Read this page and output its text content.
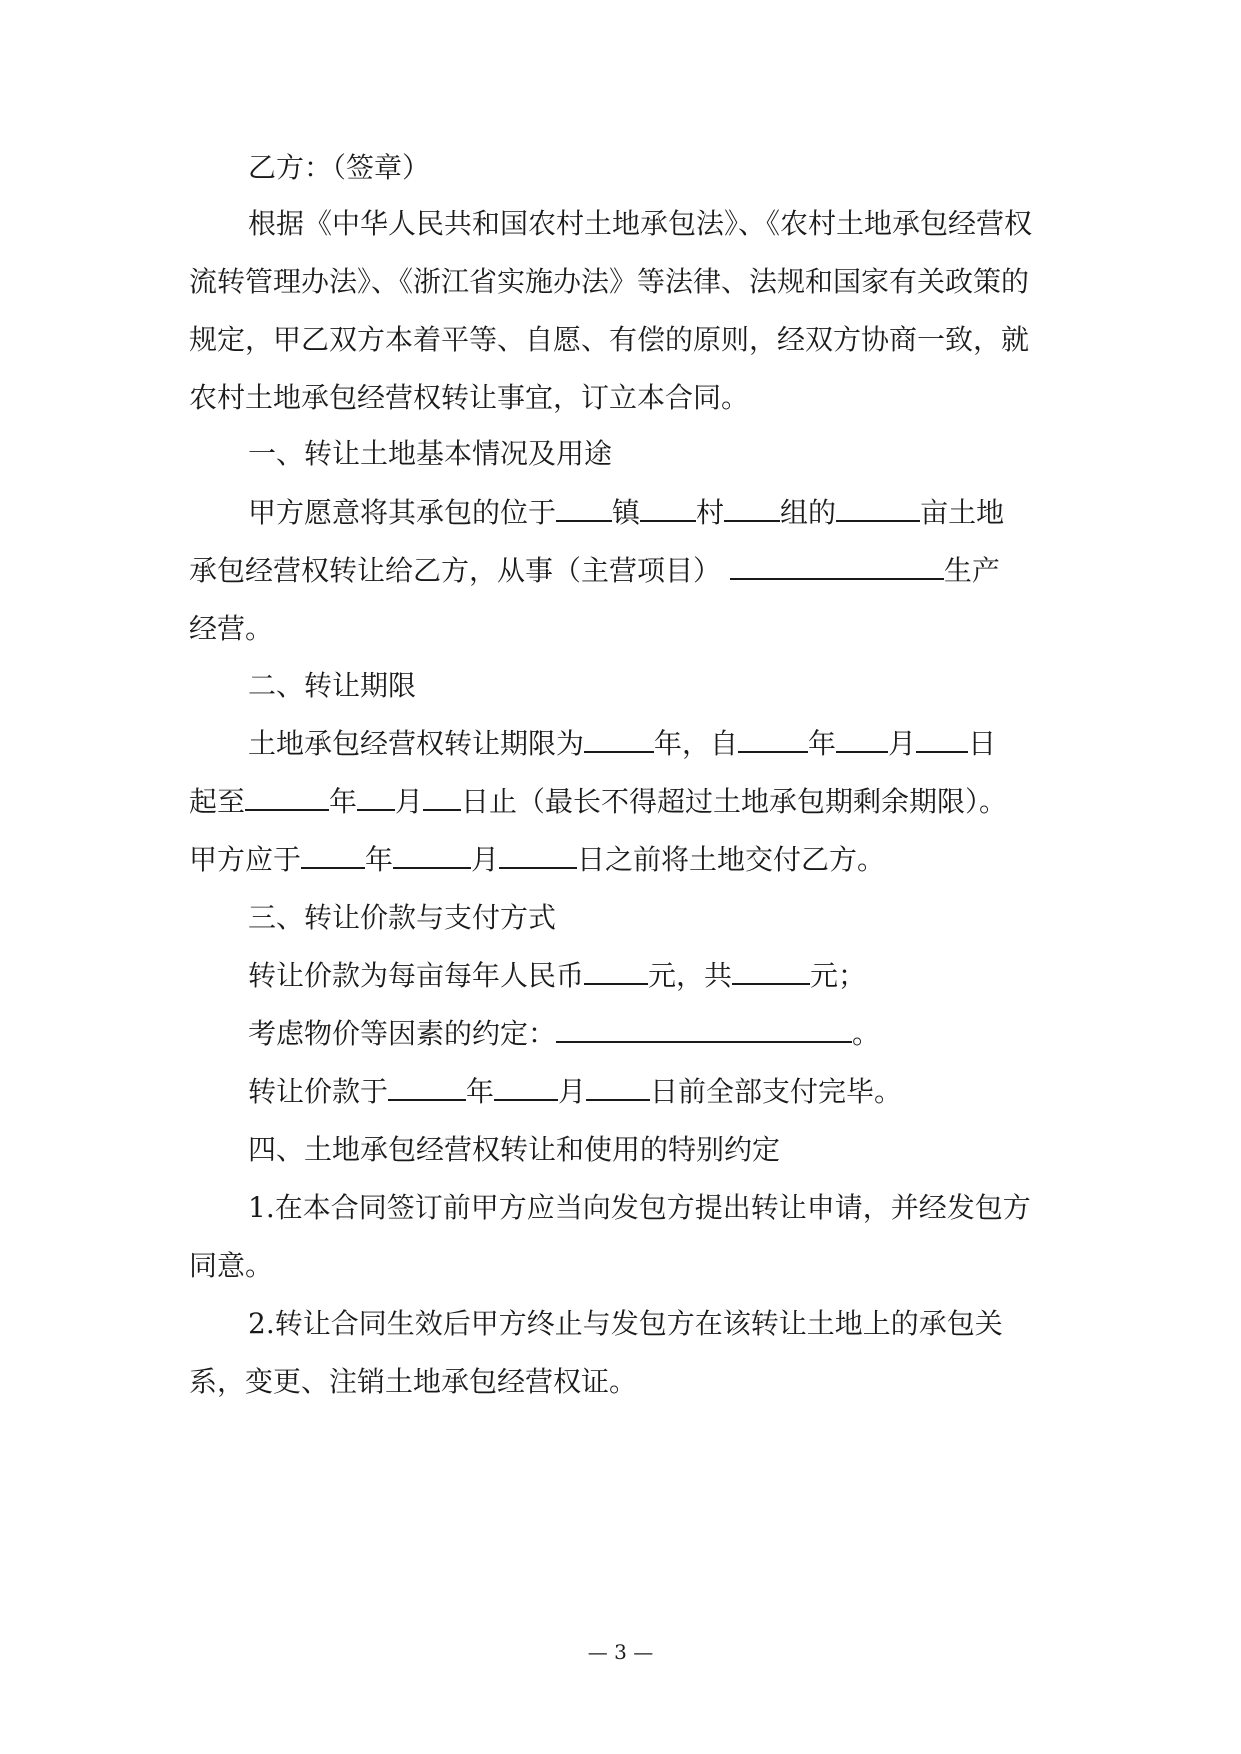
乙方：（签章）
根据《中华人民共和国农村土地承包法》、《农村土地承包经营权
流转管理办法》、《浙江省实施办法》等法律、法规和国家有关政策的
规定，甲乙双方本着平等、自愿、有偿的原则，经双方协商一致，就
农村土地承包经营权转让事宜，订立本合同。
一、转让土地基本情况及用途
甲方愿意将其承包的位于 镇 村 组的	亩土地
承包经营权转让给乙方，从事（主营项目）	生产
经营。
二、转让期限
土地承包经营权转让期限为	年，自	年 月 日
起至	年 月 日止（最长不得超过土地承包期剩余期限）。
甲方应于 年	月	日之前将土地交付乙方。
三、转让价款与支付方式
转让价款为每亩每年人民币 元，共	元；
考虑物价等因素的约定：	。
转让价款于	年 月 日前全部支付完毕。
四、土地承包经营权转让和使用的特别约定
1.在本合同签订前甲方应当向发包方提出转让申请，并经发包方
同意。
2.转让合同生效后甲方终止与发包方在该转让土地上的承包关
系，变更、注销土地承包经营权证。
— 3 —
